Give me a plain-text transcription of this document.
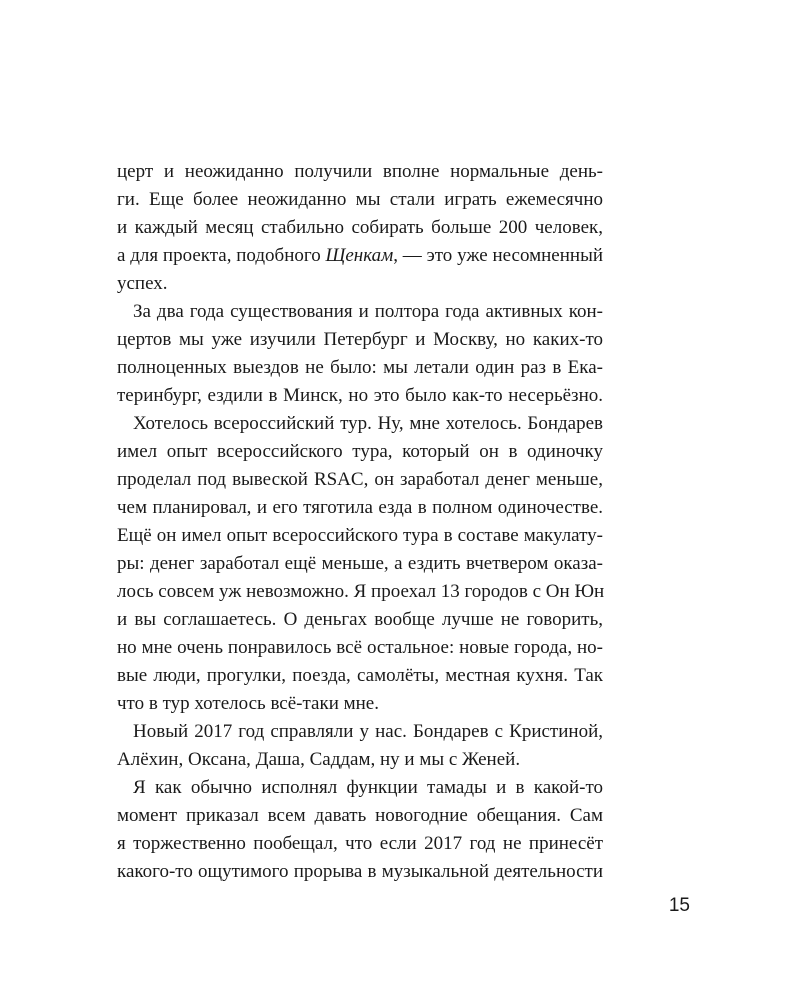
церт и неожиданно получили вполне нормальные день-
ги. Еще более неожиданно мы стали играть ежемесячно
и каждый месяц стабильно собирать больше 200 человек,
а для проекта, подобного Щенкам, — это уже несомненный
успех.
За два года существования и полтора года активных кон-
цертов мы уже изучили Петербург и Москву, но каких-то
полноценных выездов не было: мы летали один раз в Ека-
теринбург, ездили в Минск, но это было как-то несерьёзно.
Хотелось всероссийский тур. Ну, мне хотелось. Бондарев
имел опыт всероссийского тура, который он в одиночку
проделал под вывеской RSAC, он заработал денег меньше,
чем планировал, и его тяготила езда в полном одиночестве.
Ещё он имел опыт всероссийского тура в составе макулату-
ры: денег заработал ещё меньше, а ездить вчетвером оказа-
лось совсем уж невозможно. Я проехал 13 городов с Он Юн
и вы соглашаетесь. О деньгах вообще лучше не говорить,
но мне очень понравилось всё остальное: новые города, но-
вые люди, прогулки, поезда, самолёты, местная кухня. Так
что в тур хотелось всё-таки мне.
Новый 2017 год справляли у нас. Бондарев с Кристиной,
Алёхин, Оксана, Даша, Саддам, ну и мы с Женей.
Я как обычно исполнял функции тамады и в какой-то
момент приказал всем давать новогодние обещания. Сам
я торжественно пообещал, что если 2017 год не принесёт
какого-то ощутимого прорыва в музыкальной деятельности
15
